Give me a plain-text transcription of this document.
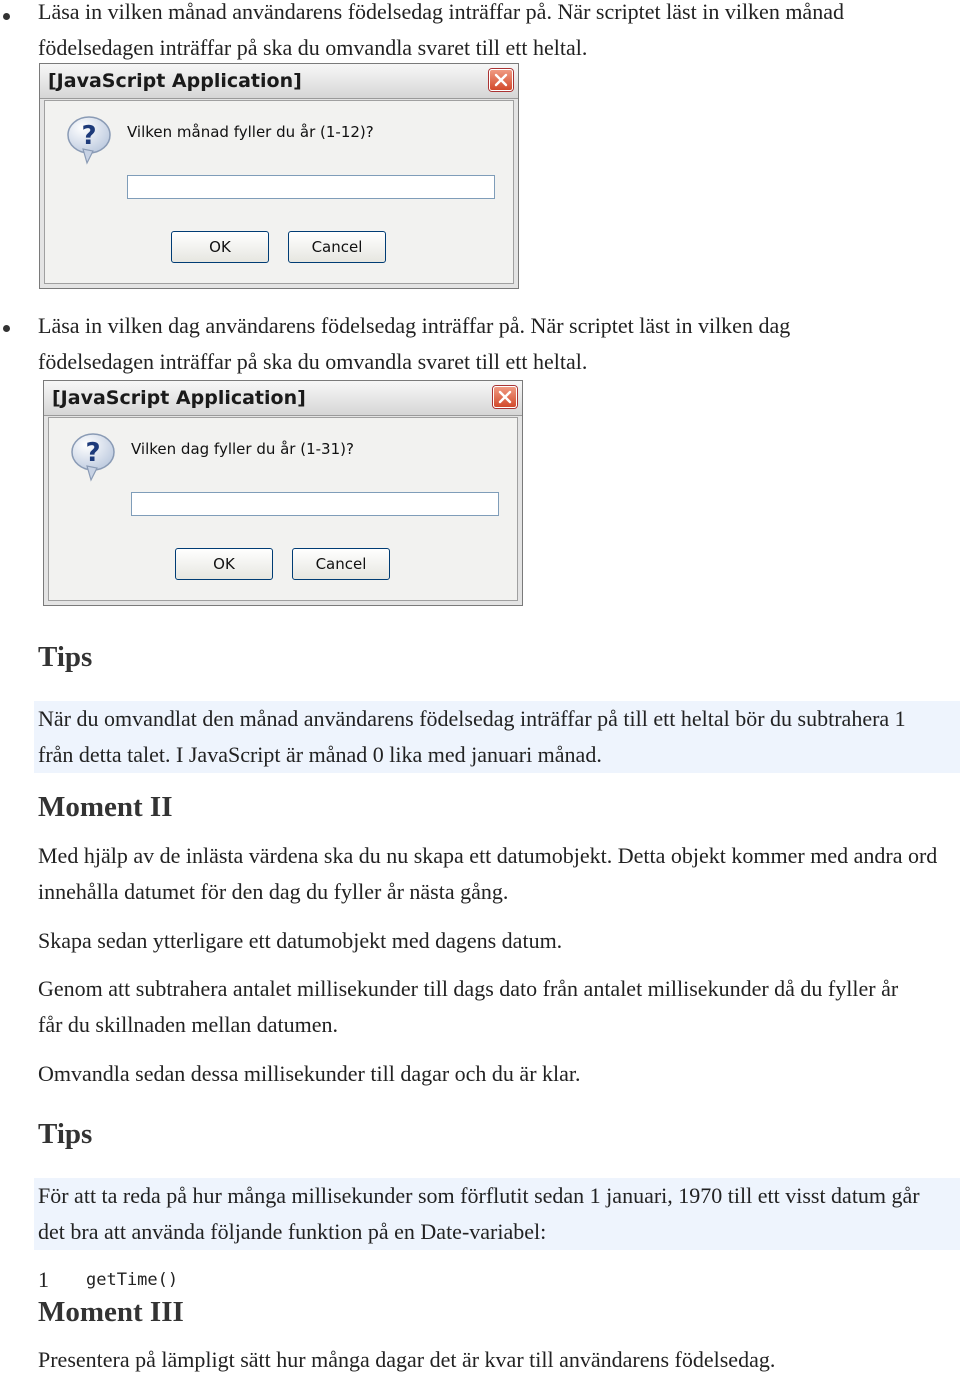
Läsa in vilken månad användarens födelsedag inträffar på. När scriptet läst in vilken månad födelsedagen inträffar på ska du omvandla svaret till ett heltal.

[JavaScript Application]
? Vilken månad fyller du år (1-12)?
OK	Cancel

Läsa in vilken dag användarens födelsedag inträffar på. När scriptet läst in vilken dag födelsedagen inträffar på ska du omvandla svaret till ett heltal.

[JavaScript Application]
? Vilken dag fyller du år (1-31)?
OK	Cancel
Tips

När du omvandlat den månad användarens födelsedag inträffar på till ett heltal bör du subtrahera 1 från detta talet. I JavaScript är månad 0 lika med januari månad.

Moment II

Med hjälp av de inlästa värdena ska du nu skapa ett datumobjekt. Detta objekt kommer med andra ord innehålla datumet för den dag du fyller år nästa gång.

Skapa sedan ytterligare ett datumobjekt med dagens datum.

Genom att subtrahera antalet millisekunder till dags dato från antalet millisekunder då du fyller år får du skillnaden mellan datumen.

Omvandla sedan dessa millisekunder till dagar och du är klar.

Tips

För att ta reda på hur många millisekunder som förflutit sedan 1 januari, 1970 till ett visst datum går det bra att använda följande funktion på en Date-variabel:

1 getTime()
Moment III

Presentera på lämpligt sätt hur många dagar det är kvar till användarens födelsedag.
